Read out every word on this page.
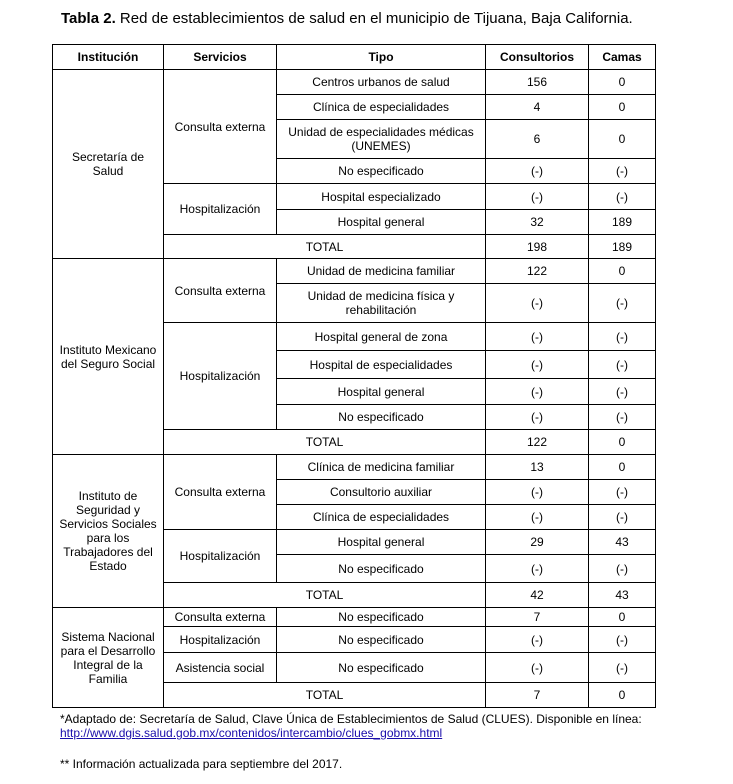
Tabla 2. Red de establecimientos de salud en el municipio de Tijuana, Baja California.
Institución	Servicios	Tipo	Consultorios	Camas
Secretaría de Salud	Consulta externa	Centros urbanos de salud	156	0
		Clínica de especialidades	4	0
		Unidad de especialidades médicas (UNEMES)	6	0
		No especificado	(-)	(-)
	Hospitalización	Hospital especializado	(-)	(-)
		Hospital general	32	189
	TOTAL		198	189
Instituto Mexicano del Seguro Social	Consulta externa	Unidad de medicina familiar	122	0
		Unidad de medicina física y rehabilitación	(-)	(-)
	Hospitalización	Hospital general de zona	(-)	(-)
		Hospital de especialidades	(-)	(-)
		Hospital general	(-)	(-)
		No especificado	(-)	(-)
	TOTAL		122	0
Instituto de Seguridad y Servicios Sociales para los Trabajadores del Estado	Consulta externa	Clínica de medicina familiar	13	0
		Consultorio auxiliar	(-)	(-)
		Clínica de especialidades	(-)	(-)
	Hospitalización	Hospital general	29	43
		No especificado	(-)	(-)
	TOTAL		42	43
Sistema Nacional para el Desarrollo Integral de la Familia	Consulta externa	No especificado	7	0
	Hospitalización	No especificado	(-)	(-)
	Asistencia social	No especificado	(-)	(-)
	TOTAL		7	0
*Adaptado de: Secretaría de Salud, Clave Única de Establecimientos de Salud (CLUES). Disponible en línea:
http://www.dgis.salud.gob.mx/contenidos/intercambio/clues_gobmx.html
** Información actualizada para septiembre del 2017.
